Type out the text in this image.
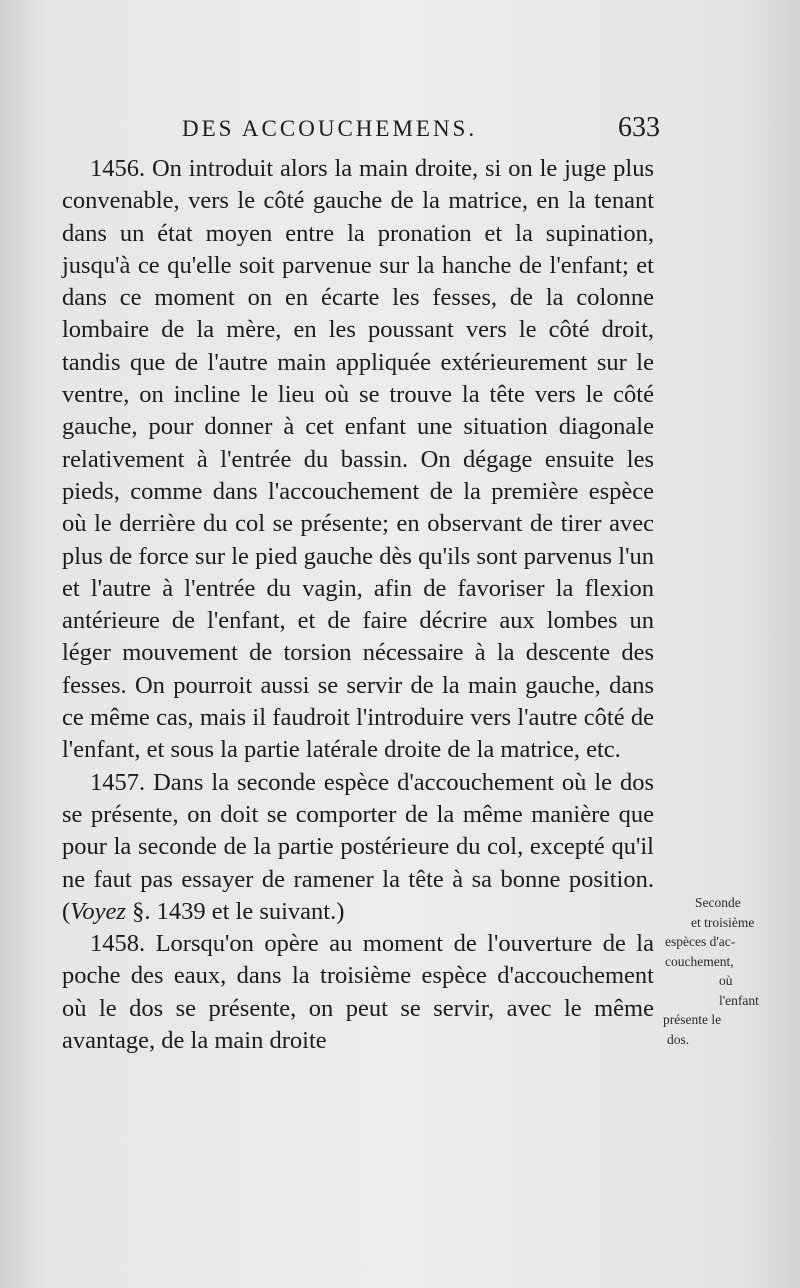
DES ACCOUCHEMENS.	633

1456. On introduit alors la main droite, si on le juge plus convenable, vers le côté gauche de la matrice, en la tenant dans un état moyen entre la pronation et la supination, jusqu'à ce qu'elle soit parvenue sur la hanche de l'enfant; et dans ce moment on en écarte les fesses, de la colonne lombaire de la mère, en les poussant vers le côté droit, tandis que de l'autre main appliquée extérieurement sur le ventre, on incline le lieu où se trouve la tête vers le côté gauche, pour donner à cet enfant une situation diagonale relativement à l'entrée du bassin. On dégage ensuite les pieds, comme dans l'accouchement de la première espèce où le derrière du col se présente; en observant de tirer avec plus de force sur le pied gauche dès qu'ils sont parvenus l'un et l'autre à l'entrée du vagin, afin de favoriser la flexion antérieure de l'enfant, et de faire décrire aux lombes un léger mouvement de torsion nécessaire à la descente des fesses. On pourroit aussi se servir de la main gauche, dans ce même cas, mais il faudroit l'introduire vers l'autre côté de l'enfant, et sous la partie latérale droite de la matrice, etc.

1457. Dans la seconde espèce d'accouchement où le dos se présente, on doit se comporter de la même manière que pour la seconde de la partie postérieure du col, excepté qu'il ne faut pas essayer de ramener la tête à sa bonne position. (Voyez §. 1439 et le suivant.)

1458. Lorsqu'on opère au moment de l'ouverture de la poche des eaux, dans la troisième espèce d'accouchement où le dos se présente, on peut se servir, avec le même avantage, de la main droite

Seconde
et troisième
espèces d'ac-
couchement,
où l'enfant
présente le
dos.
